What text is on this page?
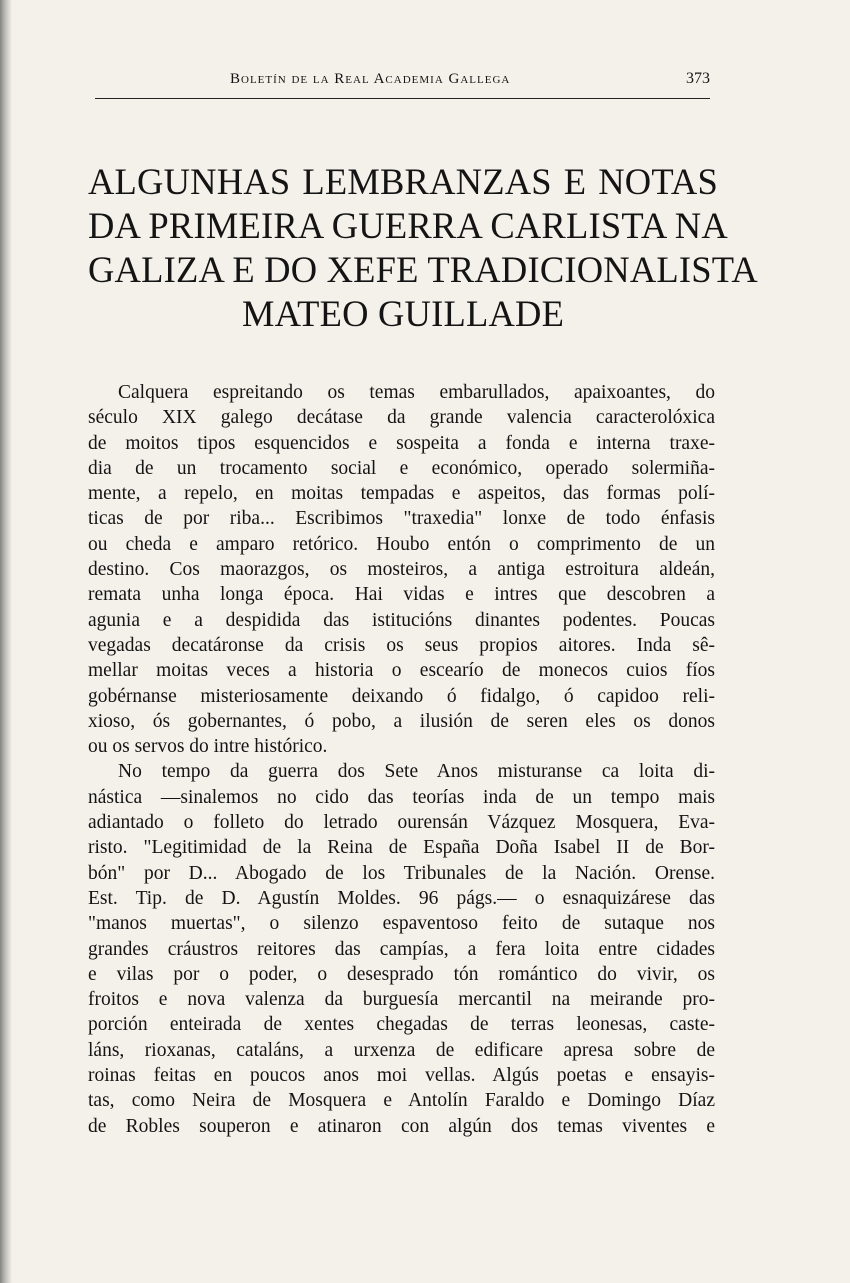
Boletín de la Real Academia Gallega	373
ALGUNHAS LEMBRANZAS E NOTAS
DA PRIMEIRA GUERRA CARLISTA NA
GALIZA E DO XEFE TRADICIONALISTA
MATEO GUILLADE
Calquera espreitando os temas embarullados, apaixoantes, do
século XIX galego decátase da grande valencia caracterolóxica
de moitos tipos esquencidos e sospeita a fonda e interna traxe-
dia de un trocamento social e económico, operado solermiña-
mente, a repelo, en moitas tempadas e aspeitos, das formas polí-
ticas de por riba... Escribimos "traxedia" lonxe de todo énfasis
ou cheda e amparo retórico. Houbo entón o comprimento de un
destino. Cos maorazgos, os mosteiros, a antiga estroitura aldeán,
remata unha longa época. Hai vidas e intres que descobren a
agunia e a despidida das istitucións dinantes podentes. Poucas
vegadas decatáronse da crisis os seus propios aitores. Inda sê-
mellar moitas veces a historia o escearío de monecos cuios fíos
gobérnanse misteriosamente deixando ó fidalgo, ó capidoo reli-
xioso, ós gobernantes, ó pobo, a ilusión de seren eles os donos
ou os servos do intre histórico.
No tempo da guerra dos Sete Anos misturanse ca loita di-
nástica —sinalemos no cido das teorías inda de un tempo mais
adiantado o folleto do letrado ourensán Vázquez Mosquera, Eva-
risto. "Legitimidad de la Reina de España Doña Isabel II de Bor-
bón" por D... Abogado de los Tribunales de la Nación. Orense.
Est. Tip. de D. Agustín Moldes. 96 págs.— o esnaquizárese das
"manos muertas", o silenzo espaventoso feito de sutaque nos
grandes cráustros reitores das campías, a fera loita entre cidades
e vilas por o poder, o desesprado tón romántico do vivir, os
froitos e nova valenza da burguesía mercantil na meirande pro-
porción enteirada de xentes chegadas de terras leonesas, caste-
láns, rioxanas, cataláns, a urxenza de edificare apresa sobre de
roinas feitas en poucos anos moi vellas. Algús poetas e ensayis-
tas, como Neira de Mosquera e Antolín Faraldo e Domingo Díaz
de Robles souperon e atinaron con algún dos temas viventes e
